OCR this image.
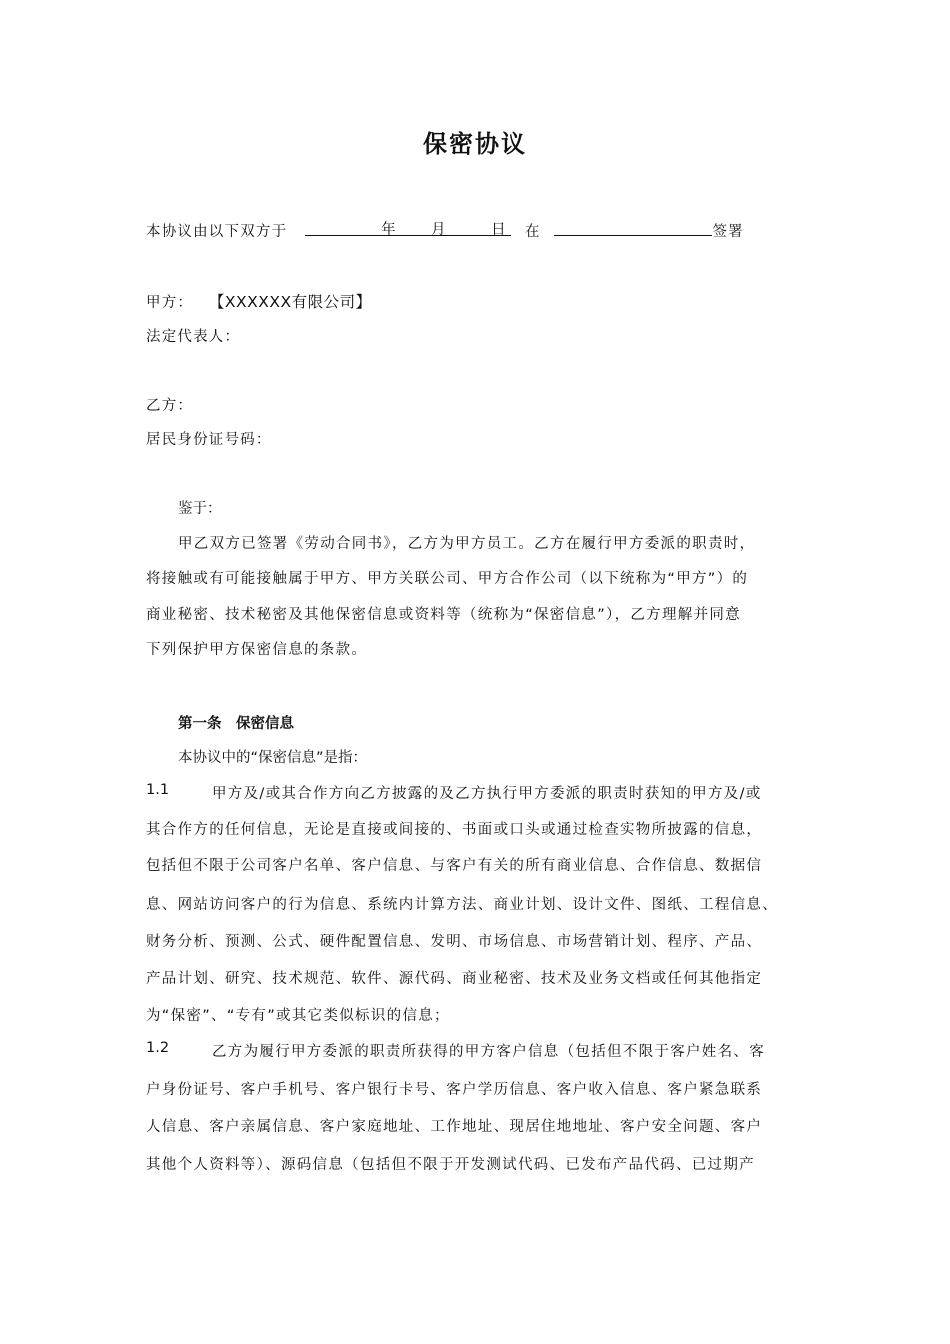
保密协议
本协议由以下双方于	年 月	日 在	签署
甲方： 【XXXXXX有限公司】
法定代表人：
乙方：
居民身份证号码：
鉴于：
甲乙双方已签署《劳动合同书》，乙方为甲方员工。乙方在履行甲方委派的职责时，
将接触或有可能接触属于甲方、甲方关联公司、甲方合作公司（以下统称为“甲方”）的
商业秘密、技术秘密及其他保密信息或资料等（统称为“保密信息”），乙方理解并同意
下列保护甲方保密信息的条款。
第一条　保密信息
本协议中的“保密信息”是指：
1.1	甲方及/或其合作方向乙方披露的及乙方执行甲方委派的职责时获知的甲方及/或
其合作方的任何信息，无论是直接或间接的、书面或口头或通过检查实物所披露的信息，
包括但不限于公司客户名单、客户信息、与客户有关的所有商业信息、合作信息、数据信
息、网站访问客户的行为信息、系统内计算方法、商业计划、设计文件、图纸、工程信息、
财务分析、预测、公式、硬件配置信息、发明、市场信息、市场营销计划、程序、产品、
产品计划、研究、技术规范、软件、源代码、商业秘密、技术及业务文档或任何其他指定
为“保密”、“专有”或其它类似标识的信息；
1.2	乙方为履行甲方委派的职责所获得的甲方客户信息（包括但不限于客户姓名、客
户身份证号、客户手机号、客户银行卡号、客户学历信息、客户收入信息、客户紧急联系
人信息、客户亲属信息、客户家庭地址、工作地址、现居住地地址、客户安全问题、客户
其他个人资料等）、源码信息（包括但不限于开发测试代码、已发布产品代码、已过期产
